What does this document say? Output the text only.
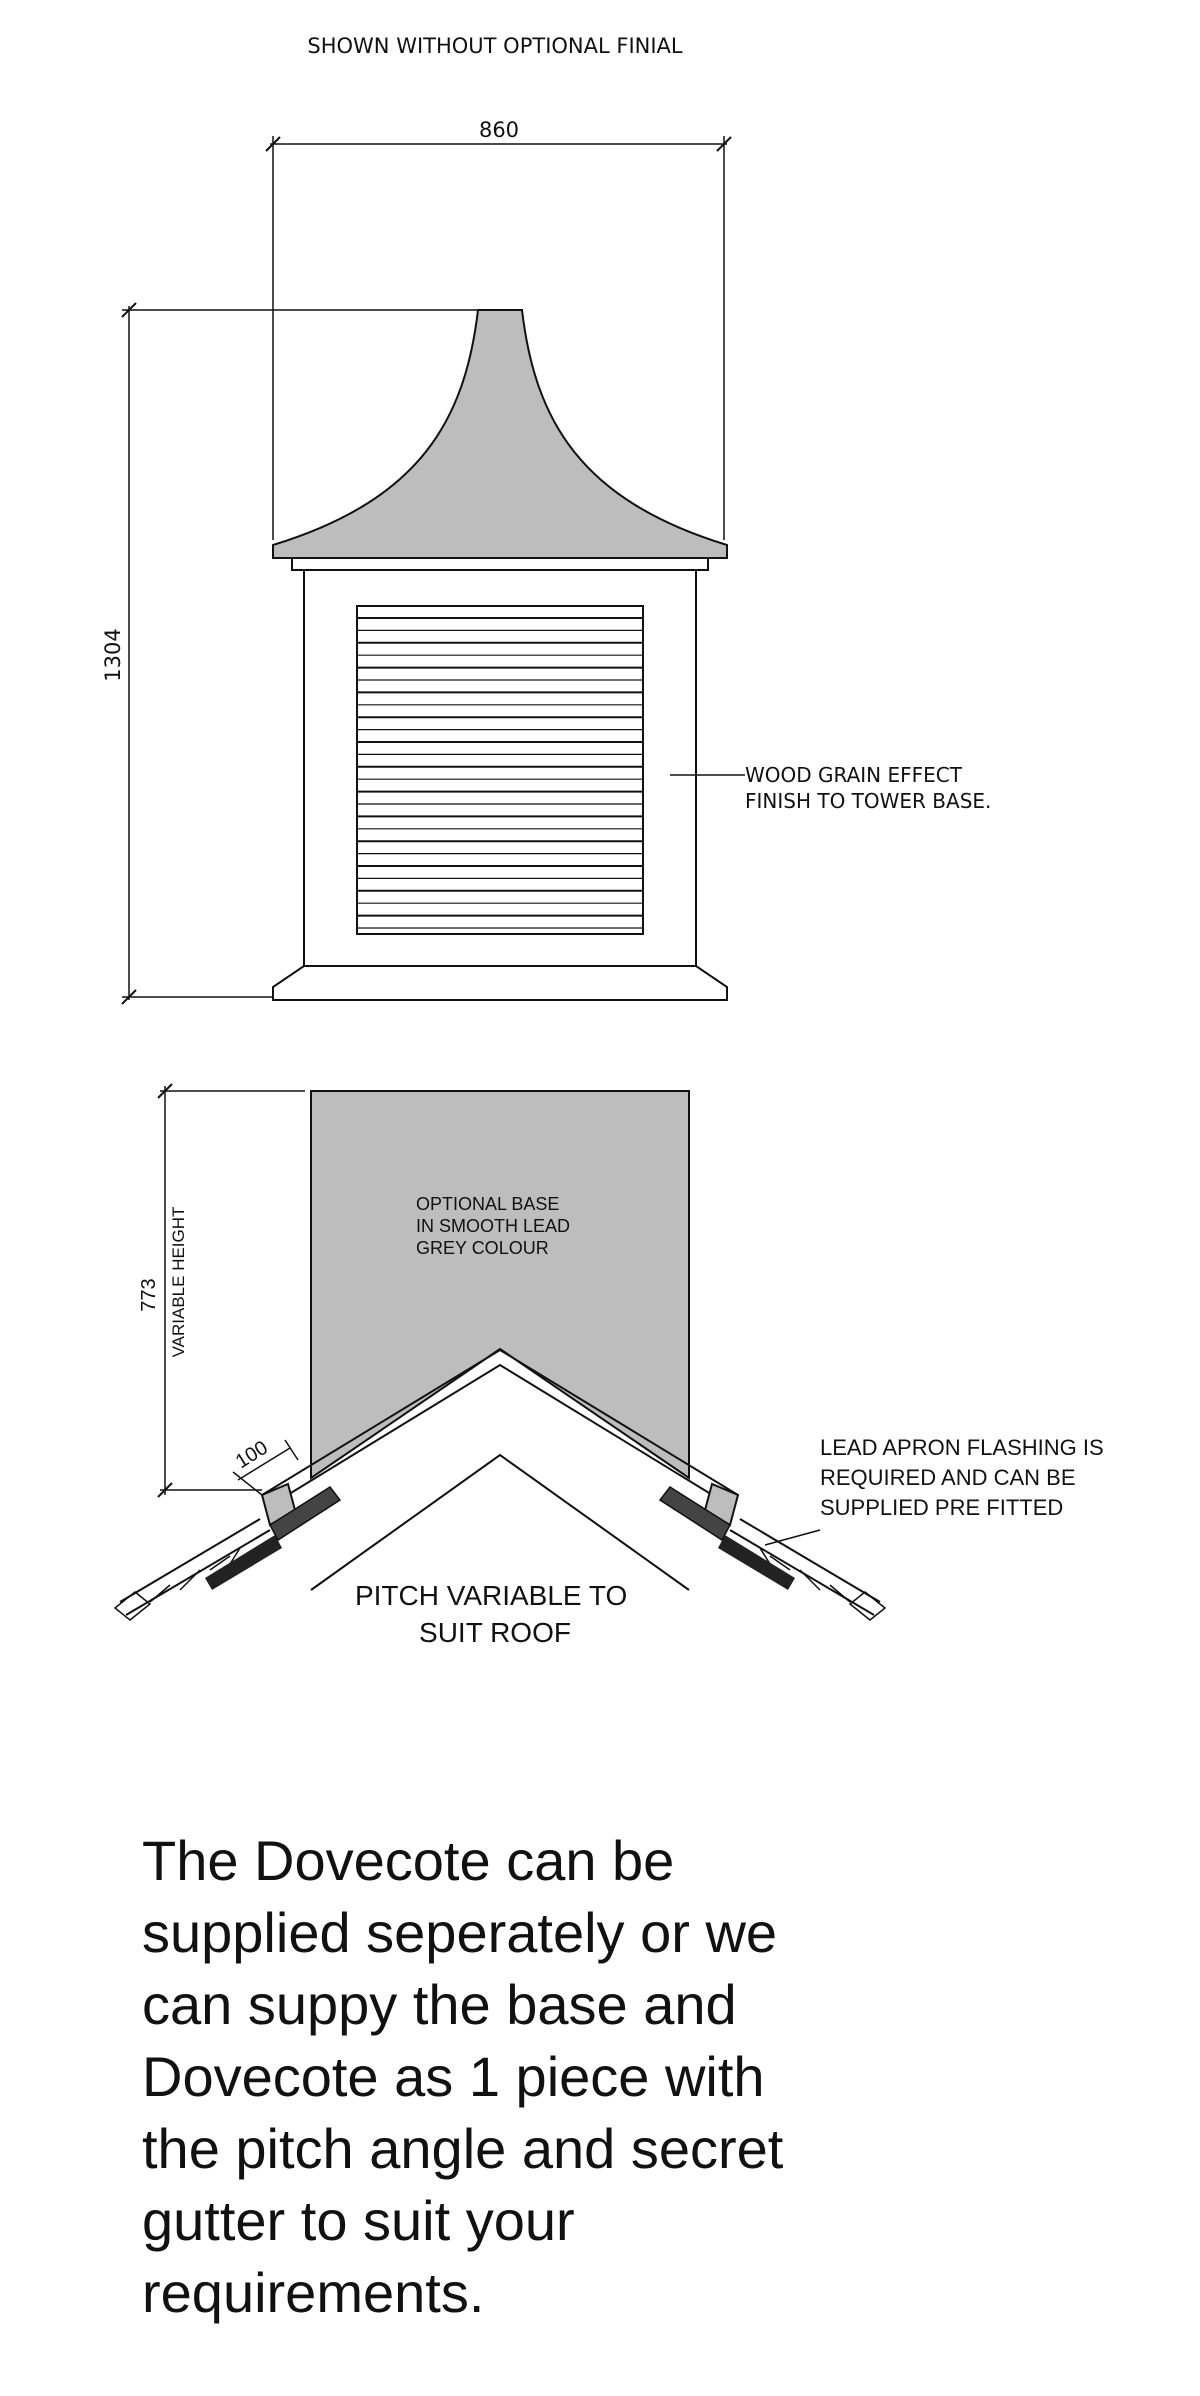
SHOWN WITHOUT OPTIONAL FINIAL
860
1304
WOOD GRAIN EFFECT FINISH TO TOWER BASE.
OPTIONAL BASE IN SMOOTH LEAD GREY COLOUR
LEAD APRON FLASHING IS REQUIRED AND CAN BE SUPPLIED PRE FITTED
PITCH VARIABLE TO SUIT ROOF
773 VARIABLE HEIGHT
100

The Dovecote can be
supplied seperately or we
can suppy the base and
Dovecote as 1 piece with
the pitch angle and secret
gutter to suit your
requirements.
